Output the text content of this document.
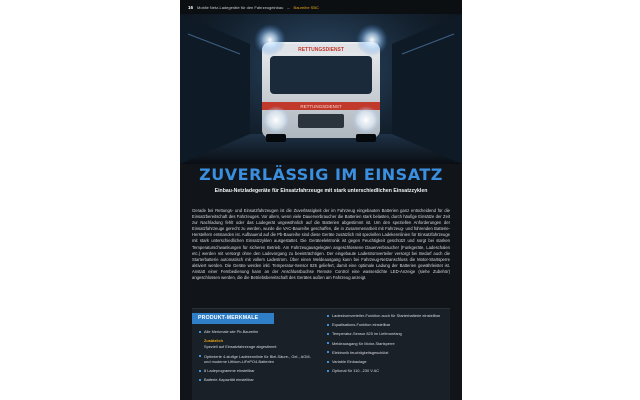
16 Mobile Netz-Ladegeräte für den Fahrzeugeinbau – Baureihe SBC
RETTUNGSDIENST
RETTUNGSDIENST
ZUVERLÄSSIG IM EINSATZ
Einbau-Netzladegeräte für Einsatzfahrzeuge mit stark unterschiedlichen Einsatzzyklen
Gerade bei Rettungs- und Einsatzfahrzeugen ist die Zuverlässigkeit der im Fahrzeug eingebauten Batterien ganz entscheidend für die Einsatzbereitschaft des Fahrzeuges. Vor allem, wenn viele Dauerverbraucher die Batterien stark belasten, durch häufige Einsätze der Zeit zur Nachladung fehlt oder das Ladegerät ungewöhnlich auf die Batterien abgestimmt ist. Um den speziellen Anforderungen der Einsatzfahrzeuge gerecht zu werden, wurde die VAC-Baureihe geschaffen, die in Zusammenarbeit mit Fahrzeug- und führenden Batterie-Herstellern entstanden ist. Aufbauend auf die Pb-Baureihe sind diese Geräte zusätzlich mit speziellen Ladekennlinien für Einsatzfahrzeuge mit stark unterschiedlichen Einsatzzyklen ausgestattet. Die Geräteelektronik ist gegen Feuchtigkeit geschützt und sorgt bei starken Temperaturschwankungen für sicheren Betrieb. Am Fahrzeugausgelegten angeschlossene Dauerverbraucher (Funkgeräte, Ladeschalen etc.) werden mit versorgt ohne den Ladevorgang zu beeinträchtigen. Der eingebaute Ladestromverteiler versorgt bei Bedarf auch die Starterbatterie automatisch mit vollem Ladestrom. Über einen Meldeausgang kann bei Fahrzeug-Netzanschluss die Motor-Startsperre aktiviert werden. Die Geräte werden inkl. Temperatur-Sensor 825 geliefert, damit eine optimale Ladung der Batterien gewährleistet ist. Anstatt einer Fernbedienung kann an der Anschlussbuchse Remote Control eine wasserdichte LED-Anzeige (siehe Zubehör) angeschlossen werden, die die Betriebsbereitschaft des Gerätes außen am Fahrzeug anzeigt.
PRODUKT-MERKMALE
Alle Merkmale wie Pb-Baureihe
Zusätzlich
Speziell auf Einsatzfahrzeuge abgestimmt
Optimierte 4-stufige Ladekennlinie für Blei-Säure-, Gel-, AGM- und moderne Lithium-LiFePO4-Batterien
8 Ladeprogramme einstellbar
Batterie-Kapazität einstellbar
Ladestromverteiler-Funktion auch für Starterbatterie einstellbar
Equalisations-Funktion einstellbar
Temperatur-Sensor 825 im Lieferumfang
Meldeausgang für Motor-Startsperre
Elektronik feuchtigkeitsgeschützt
Variable Einbaulage
Optional für 110...230 V AC
